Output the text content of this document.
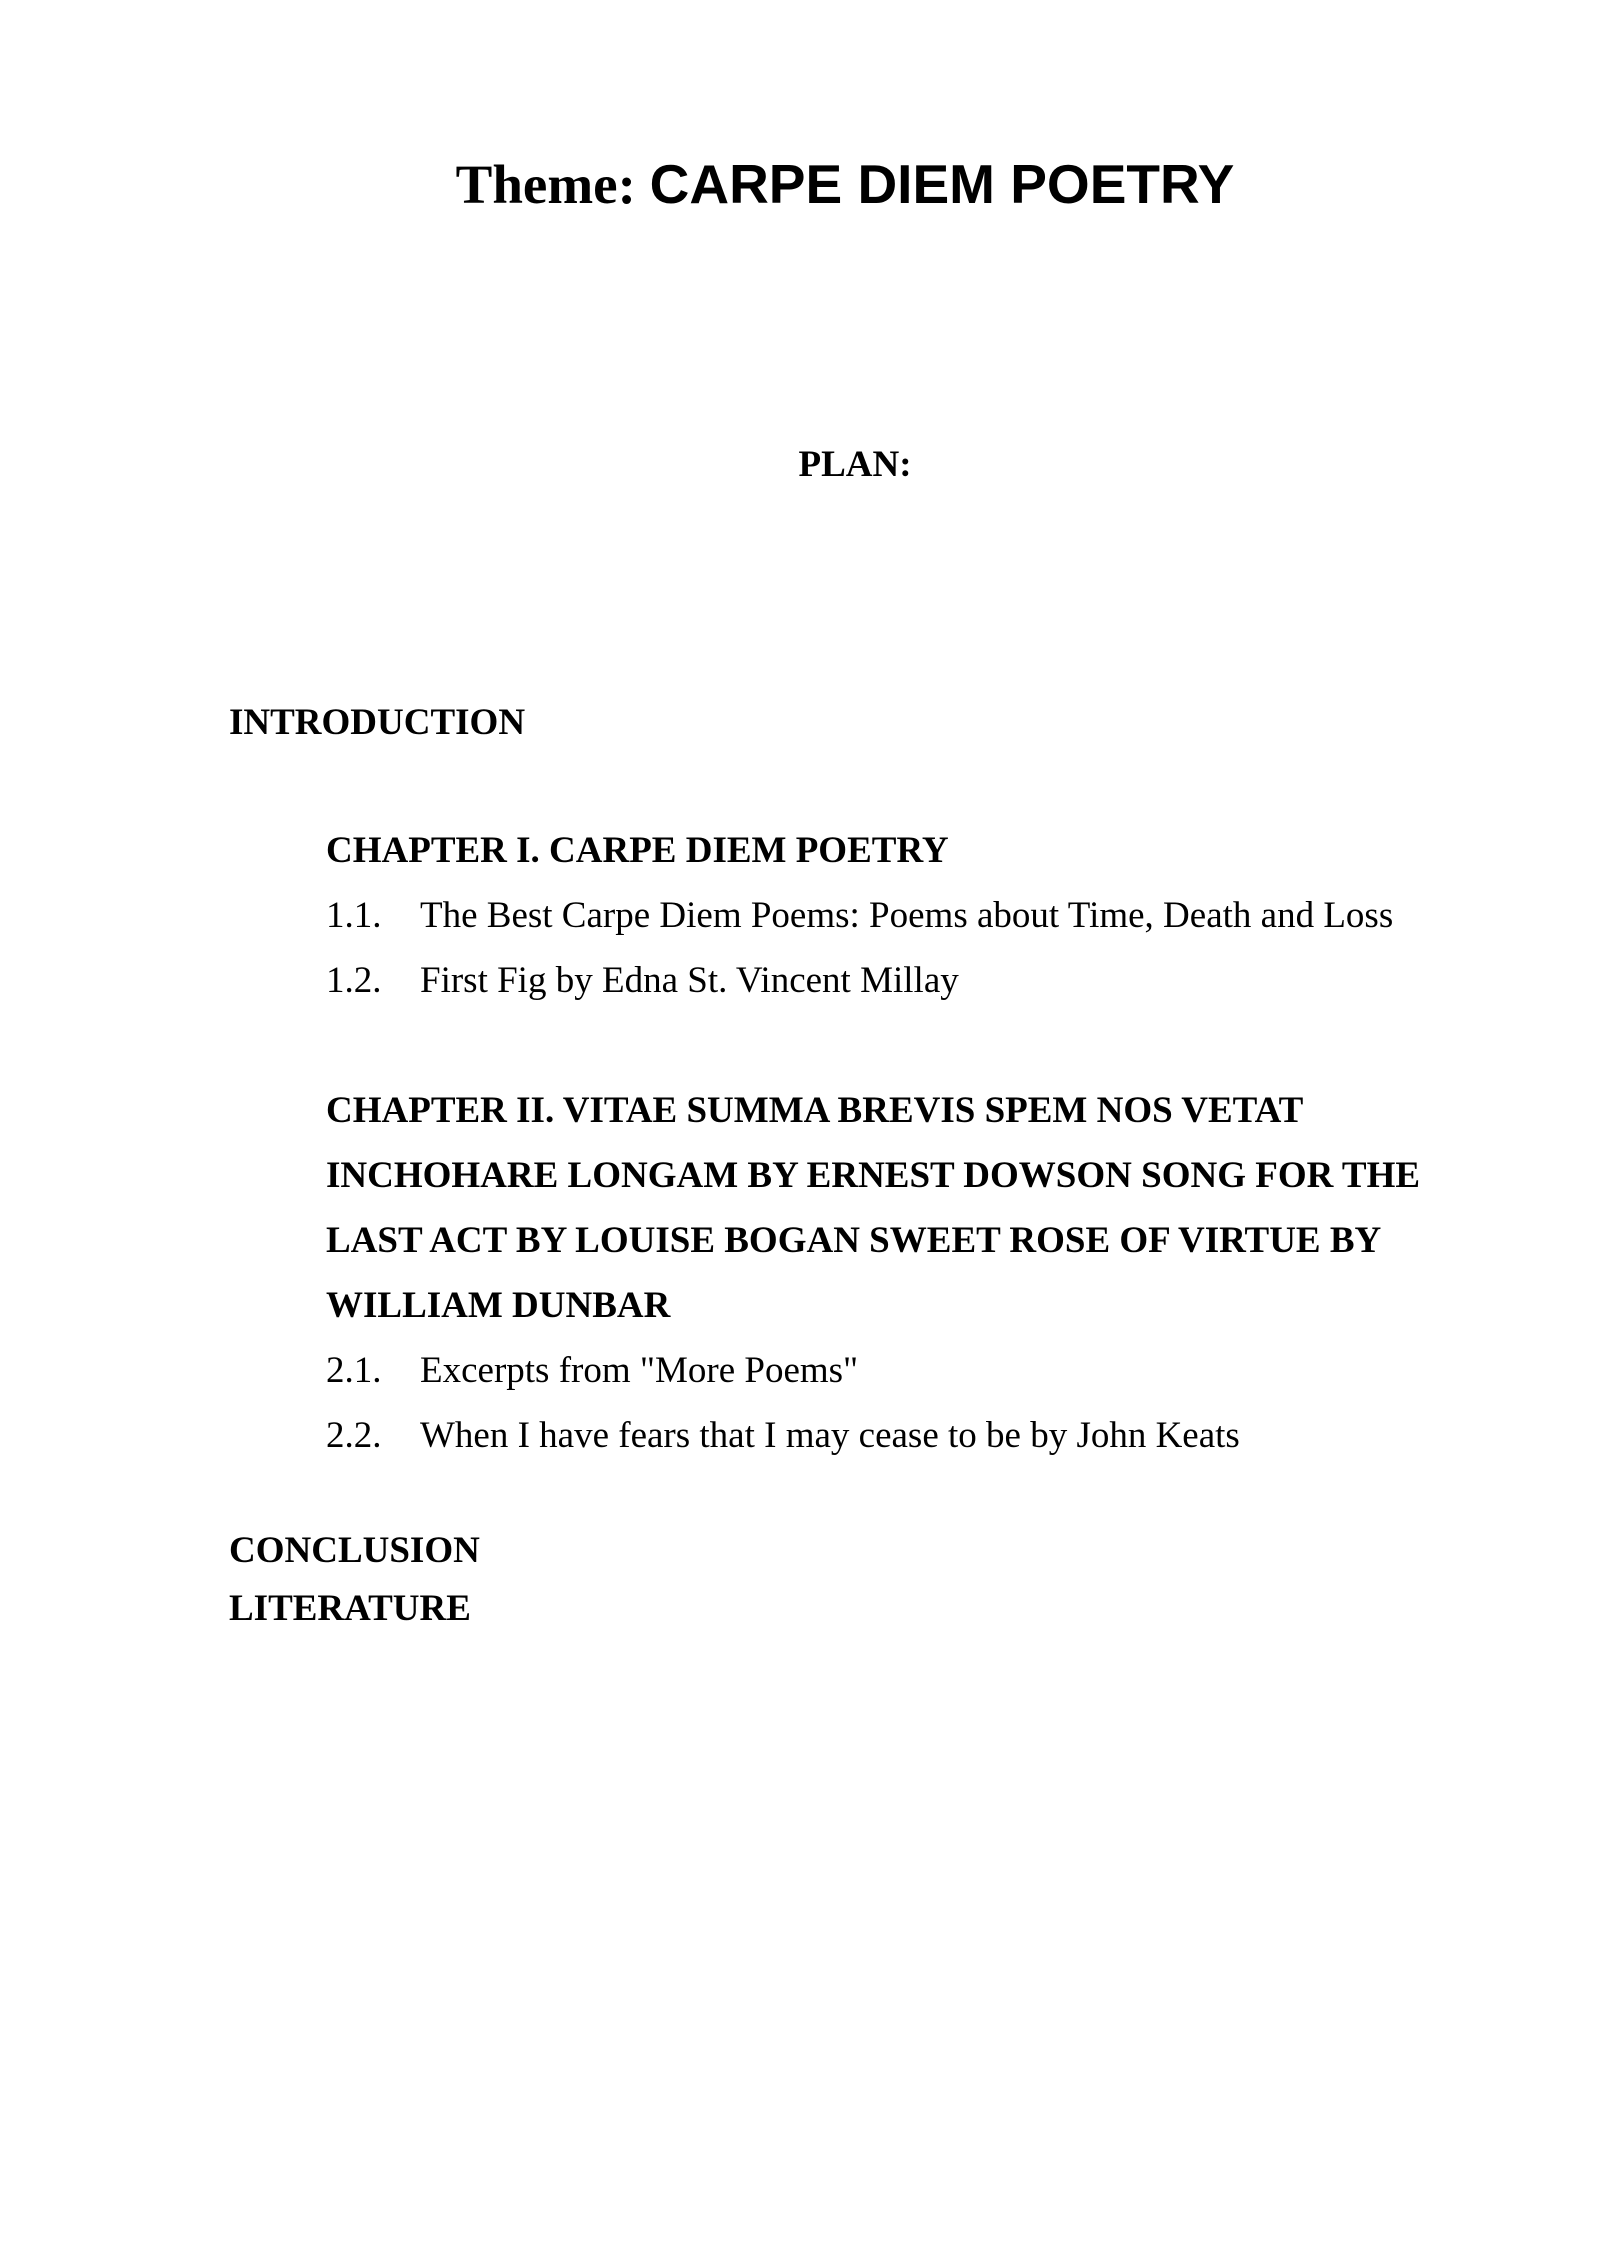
Theme: CARPE DIEM POETRY
PLAN:
INTRODUCTION
CHAPTER I. CARPE DIEM POETRY
1.1.	The Best Carpe Diem Poems: Poems about Time, Death and Loss
1.2.	First Fig by Edna St. Vincent Millay
CHAPTER II. VITAE SUMMA BREVIS SPEM NOS VETAT INCHOHARE LONGAM BY ERNEST DOWSON SONG FOR THE LAST ACT BY LOUISE BOGAN SWEET ROSE OF VIRTUE BY WILLIAM DUNBAR
2.1.	Excerpts from "More Poems"
2.2.	When I have fears that I may cease to be by John Keats
CONCLUSION
LITERATURE
